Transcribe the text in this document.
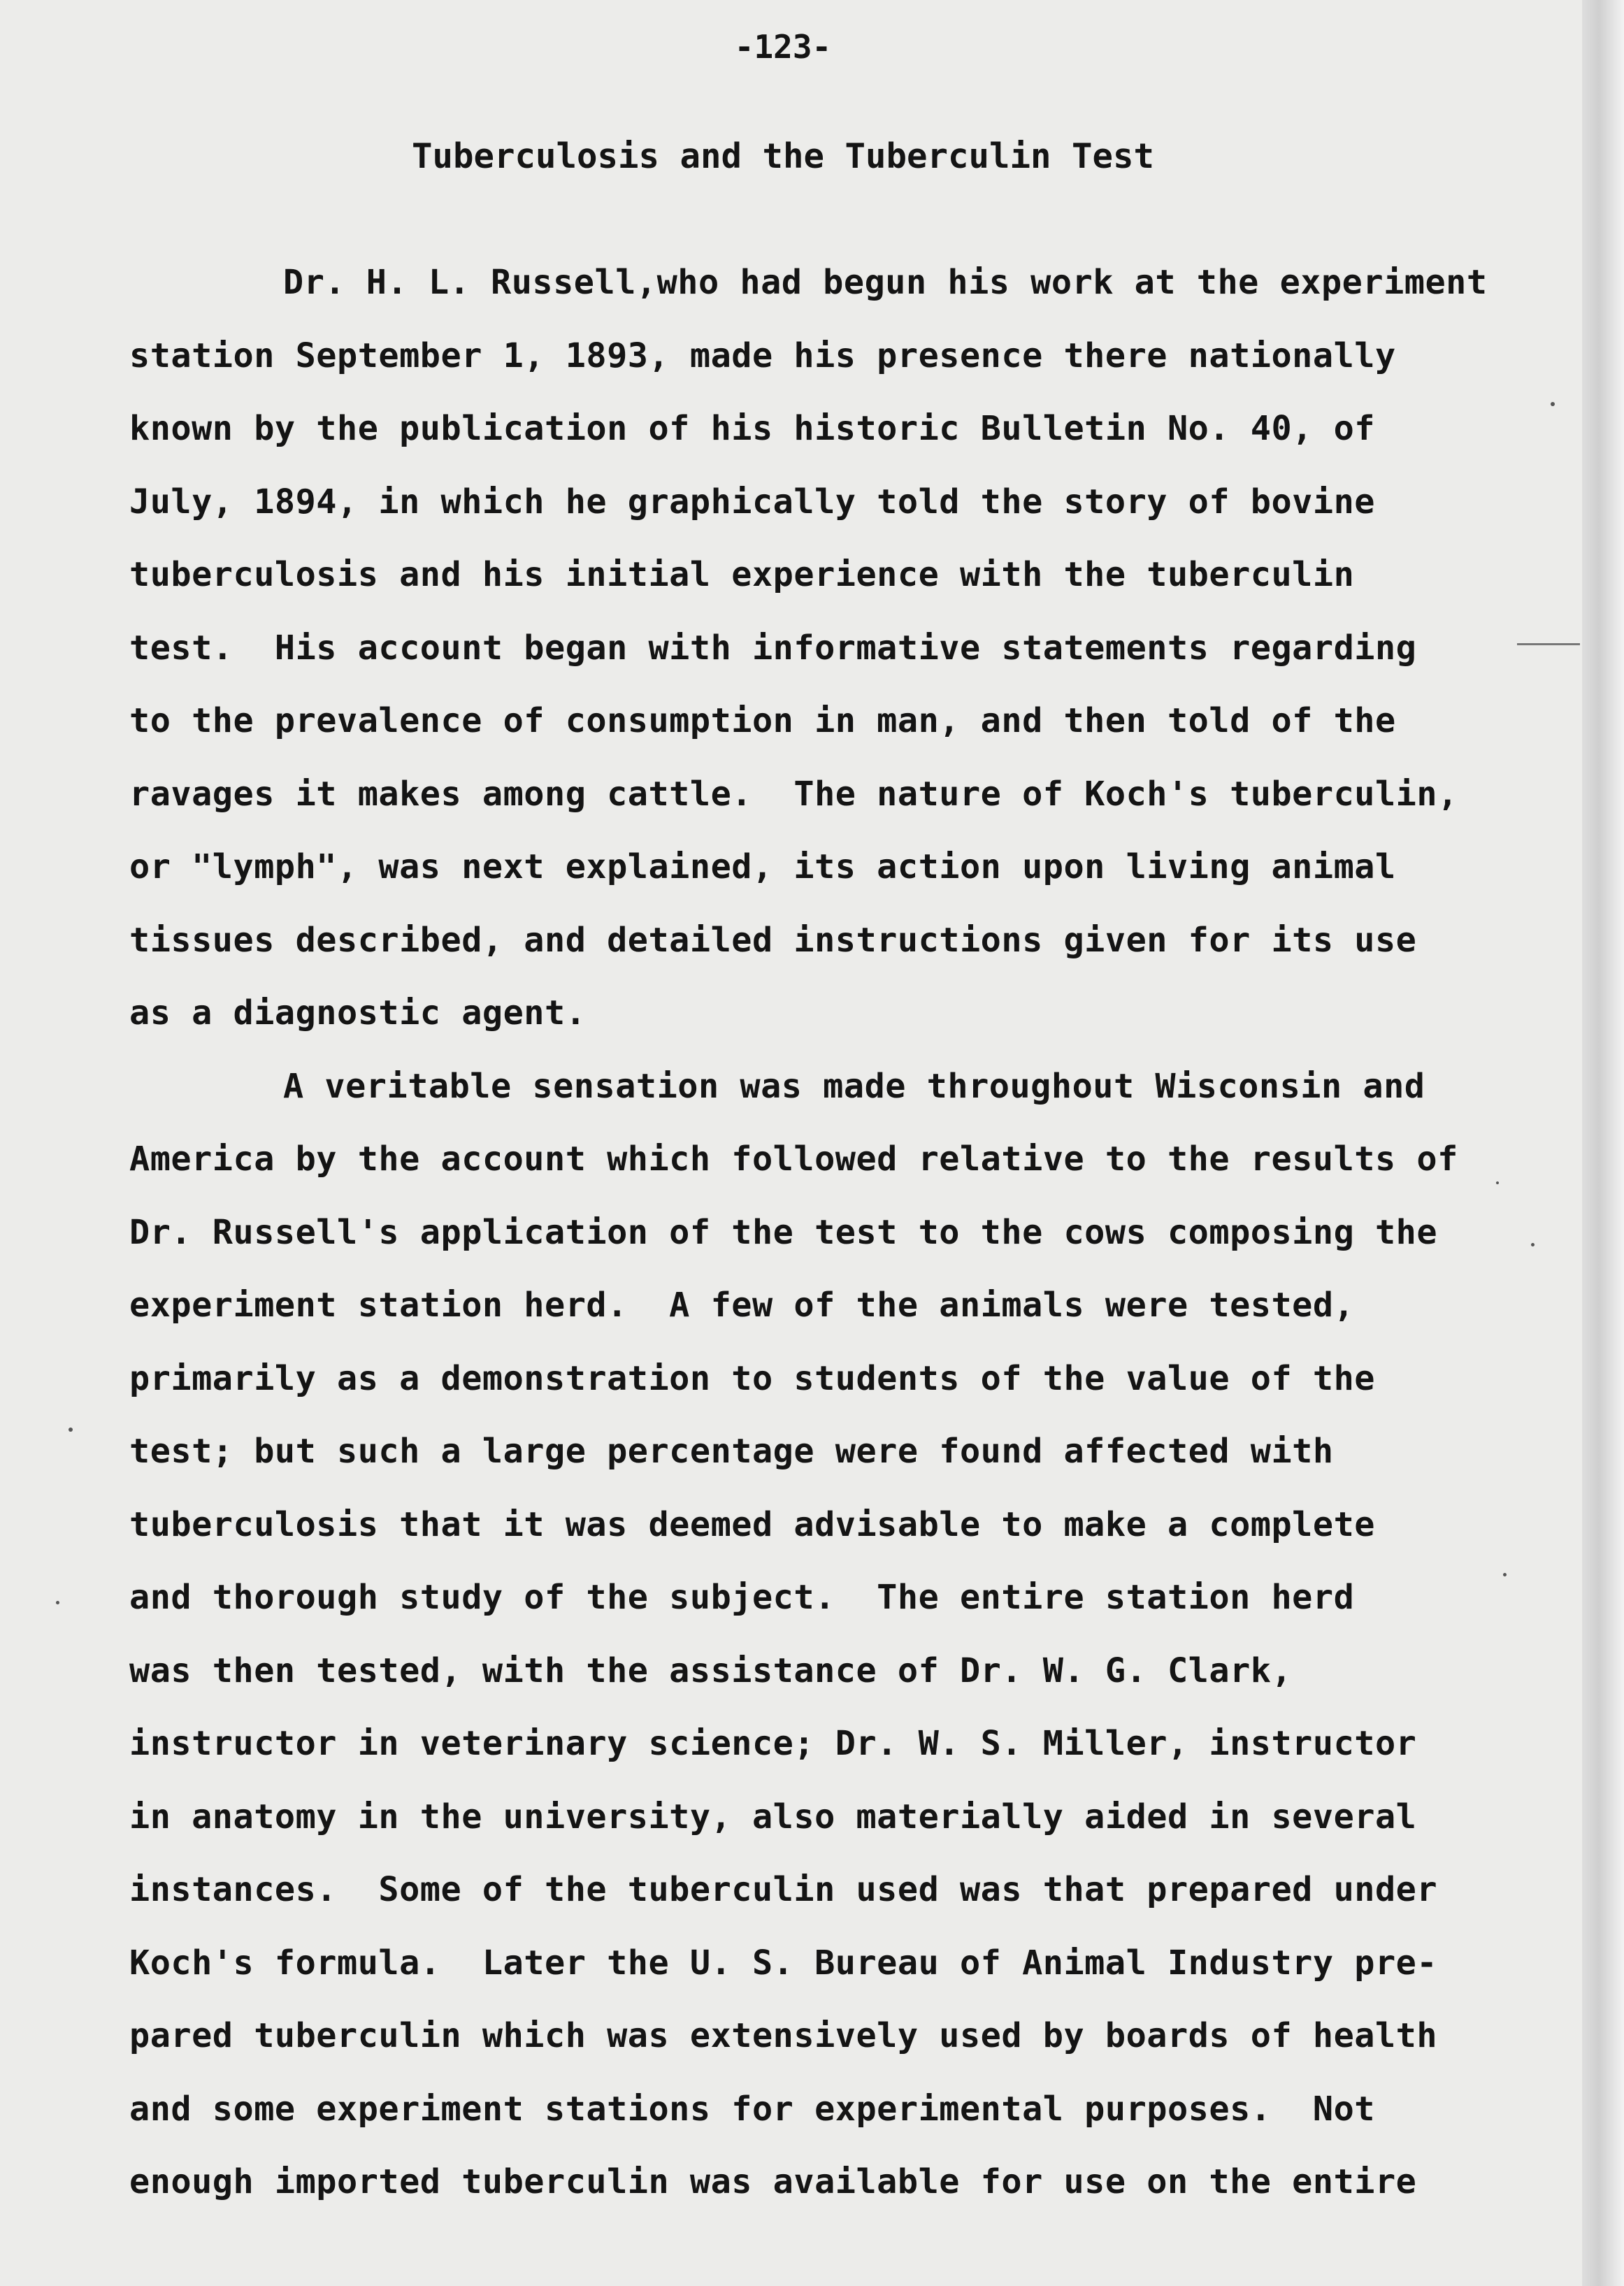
-123-
Tuberculosis and the Tuberculin Test
Dr. H. L. Russell,who had begun his work at the experiment
station September 1, 1893, made his presence there nationally
known by the publication of his historic Bulletin No. 40, of
July, 1894, in which he graphically told the story of bovine
tuberculosis and his initial experience with the tuberculin
test.  His account began with informative statements regarding
to the prevalence of consumption in man, and then told of the
ravages it makes among cattle.  The nature of Koch's tuberculin,
or "lymph", was next explained, its action upon living animal
tissues described, and detailed instructions given for its use
as a diagnostic agent.
A veritable sensation was made throughout Wisconsin and
America by the account which followed relative to the results of
Dr. Russell's application of the test to the cows composing the
experiment station herd.  A few of the animals were tested,
primarily as a demonstration to students of the value of the
test; but such a large percentage were found affected with
tuberculosis that it was deemed advisable to make a complete
and thorough study of the subject.  The entire station herd
was then tested, with the assistance of Dr. W. G. Clark,
instructor in veterinary science; Dr. W. S. Miller, instructor
in anatomy in the university, also materially aided in several
instances.  Some of the tuberculin used was that prepared under
Koch's formula.  Later the U. S. Bureau of Animal Industry pre-
pared tuberculin which was extensively used by boards of health
and some experiment stations for experimental purposes.  Not
enough imported tuberculin was available for use on the entire
